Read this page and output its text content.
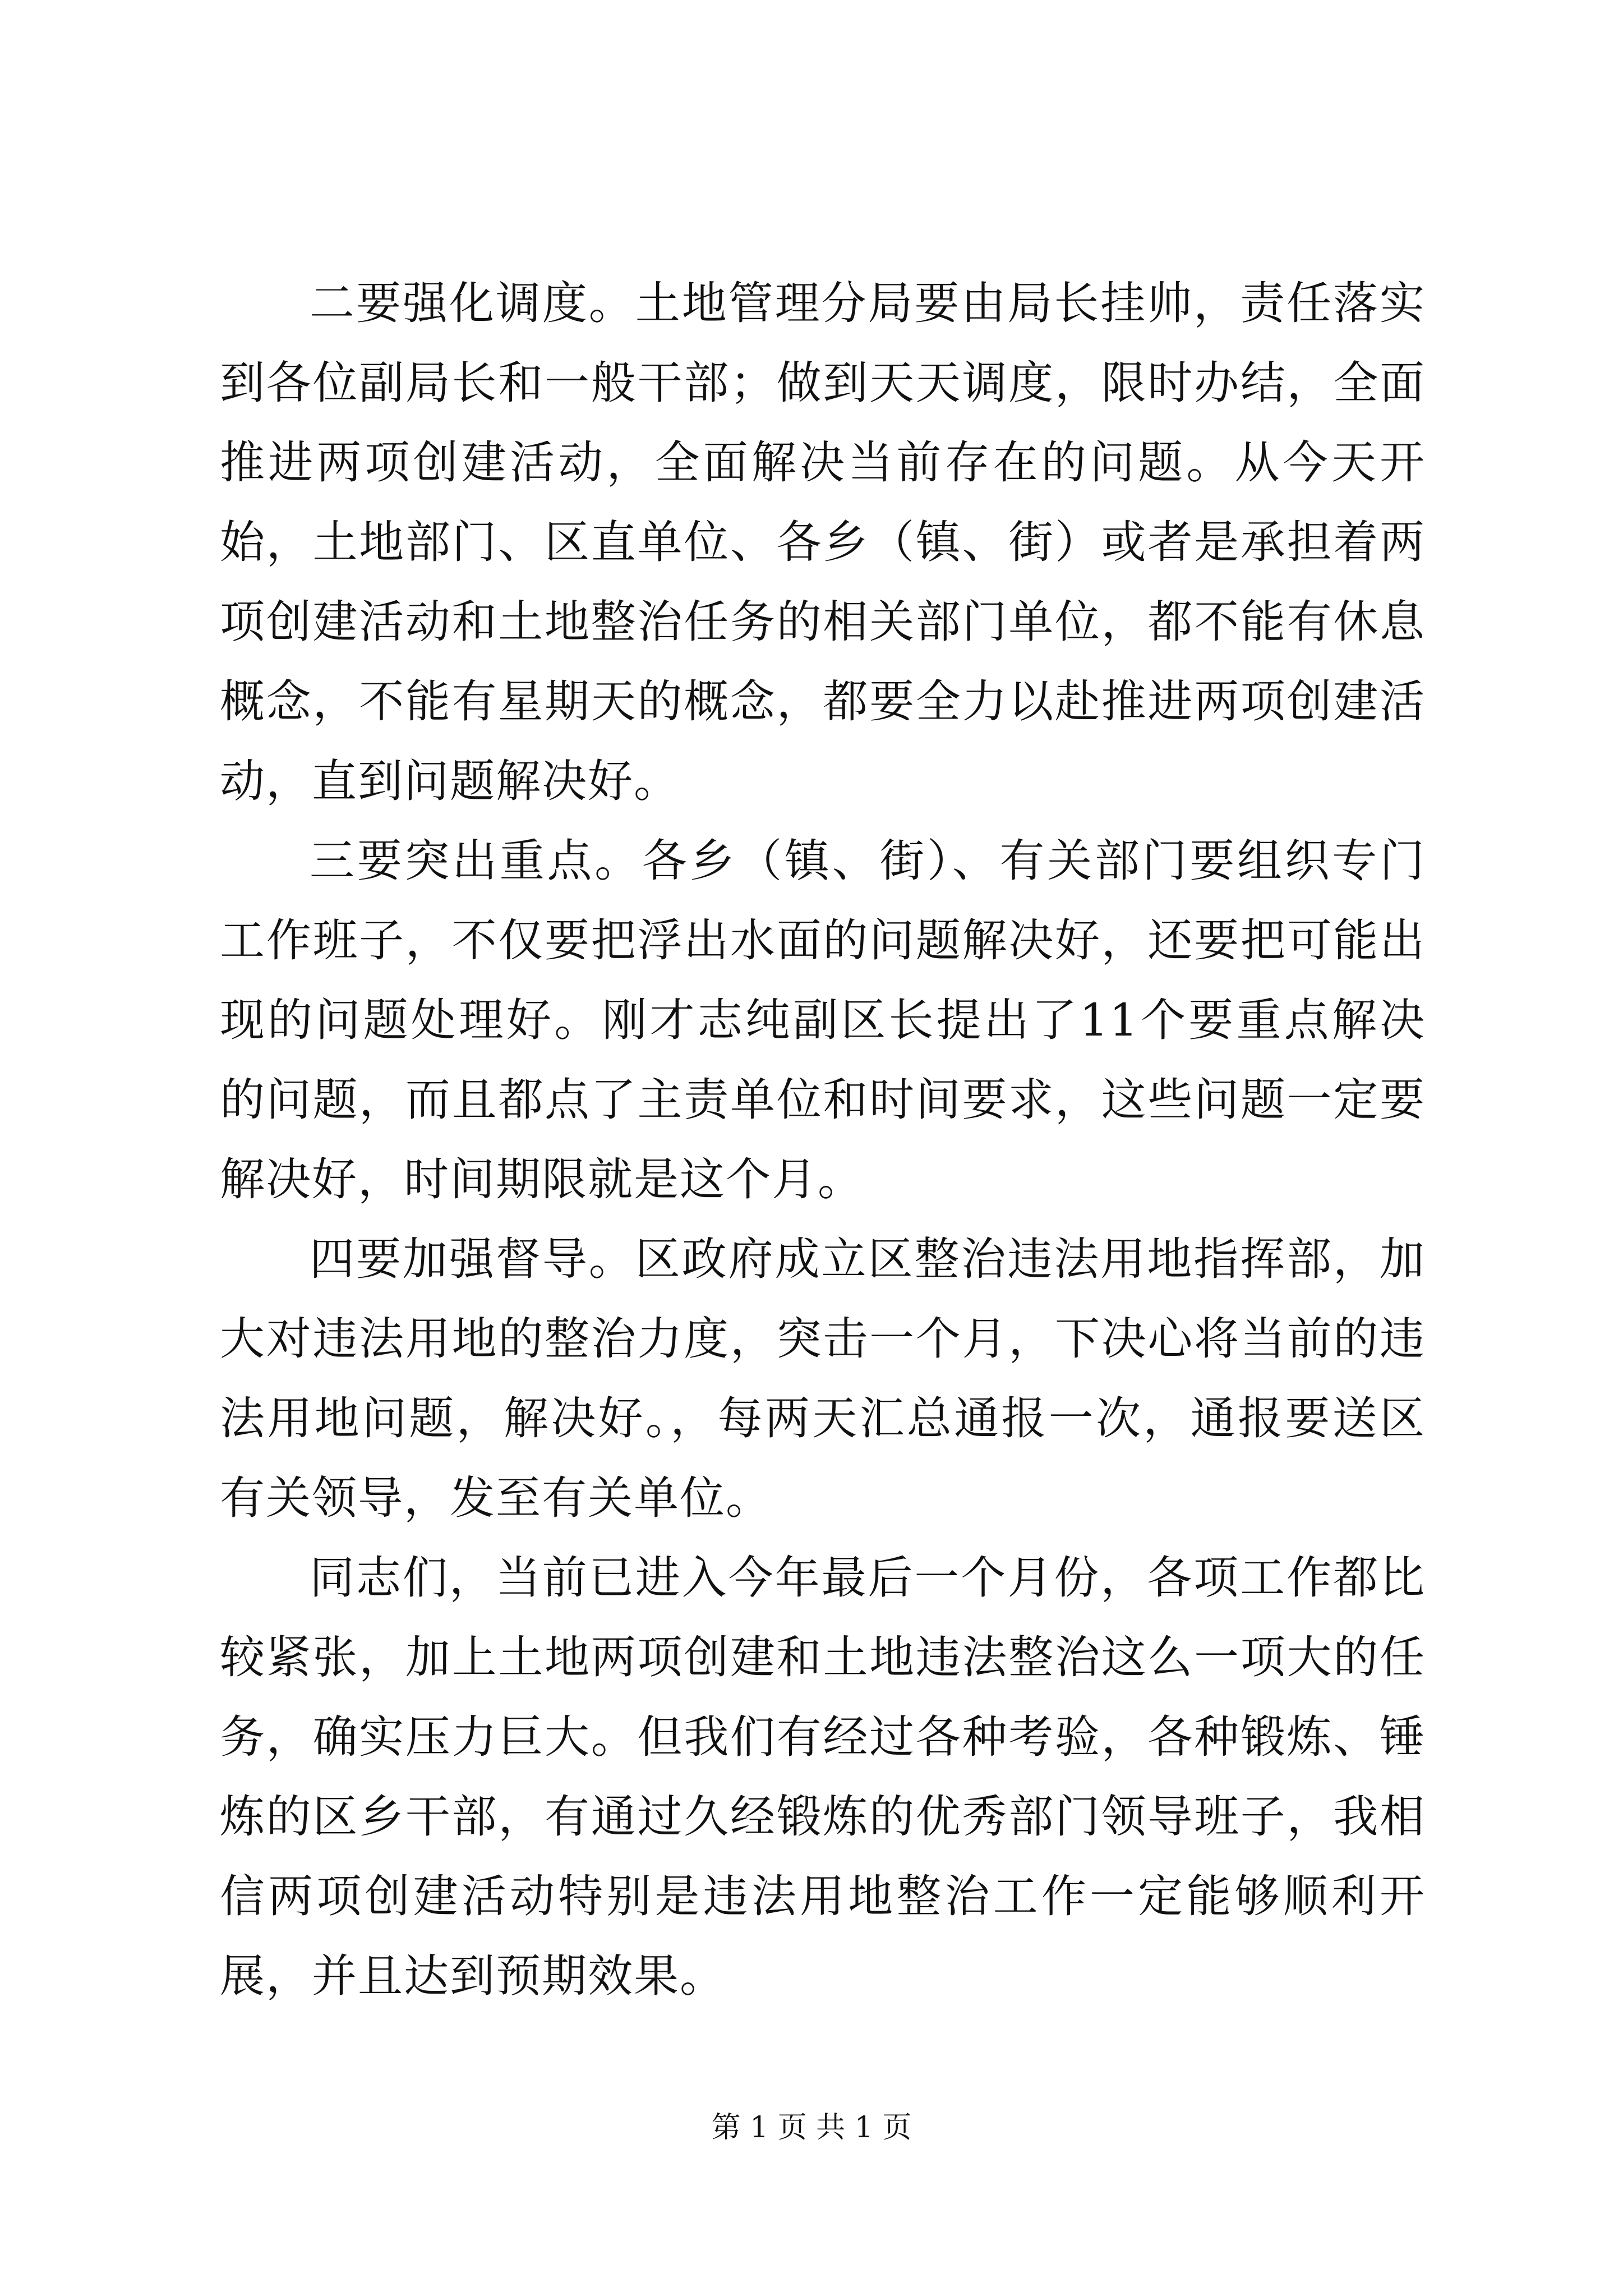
二要强化调度。土地管理分局要由局长挂帅，责任落实到各位副局长和一般干部；做到天天调度，限时办结，全面推进两项创建活动，全面解决当前存在的问题。从今天开始，土地部门、区直单位、各乡（镇、街）或者是承担着两项创建活动和土地整治任务的相关部门单位，都不能有休息概念，不能有星期天的概念，都要全力以赴推进两项创建活动，直到问题解决好。

三要突出重点。各乡（镇、街）、有关部门要组织专门工作班子，不仅要把浮出水面的问题解决好，还要把可能出现的问题处理好。刚才志纯副区长提出了11个要重点解决的问题，而且都点了主责单位和时间要求，这些问题一定要解决好，时间期限就是这个月。

四要加强督导。区政府成立区整治违法用地指挥部，加大对违法用地的整治力度，突击一个月，下决心将当前的违法用地问题，解决好。，每两天汇总通报一次，通报要送区有关领导，发至有关单位。

同志们，当前已进入今年最后一个月份，各项工作都比较紧张，加上土地两项创建和土地违法整治这么一项大的任务，确实压力巨大。但我们有经过各种考验，各种锻炼、锤炼的区乡干部，有通过久经锻炼的优秀部门领导班子，我相信两项创建活动特别是违法用地整治工作一定能够顺利开展，并且达到预期效果。

第 1 页 共 1 页
